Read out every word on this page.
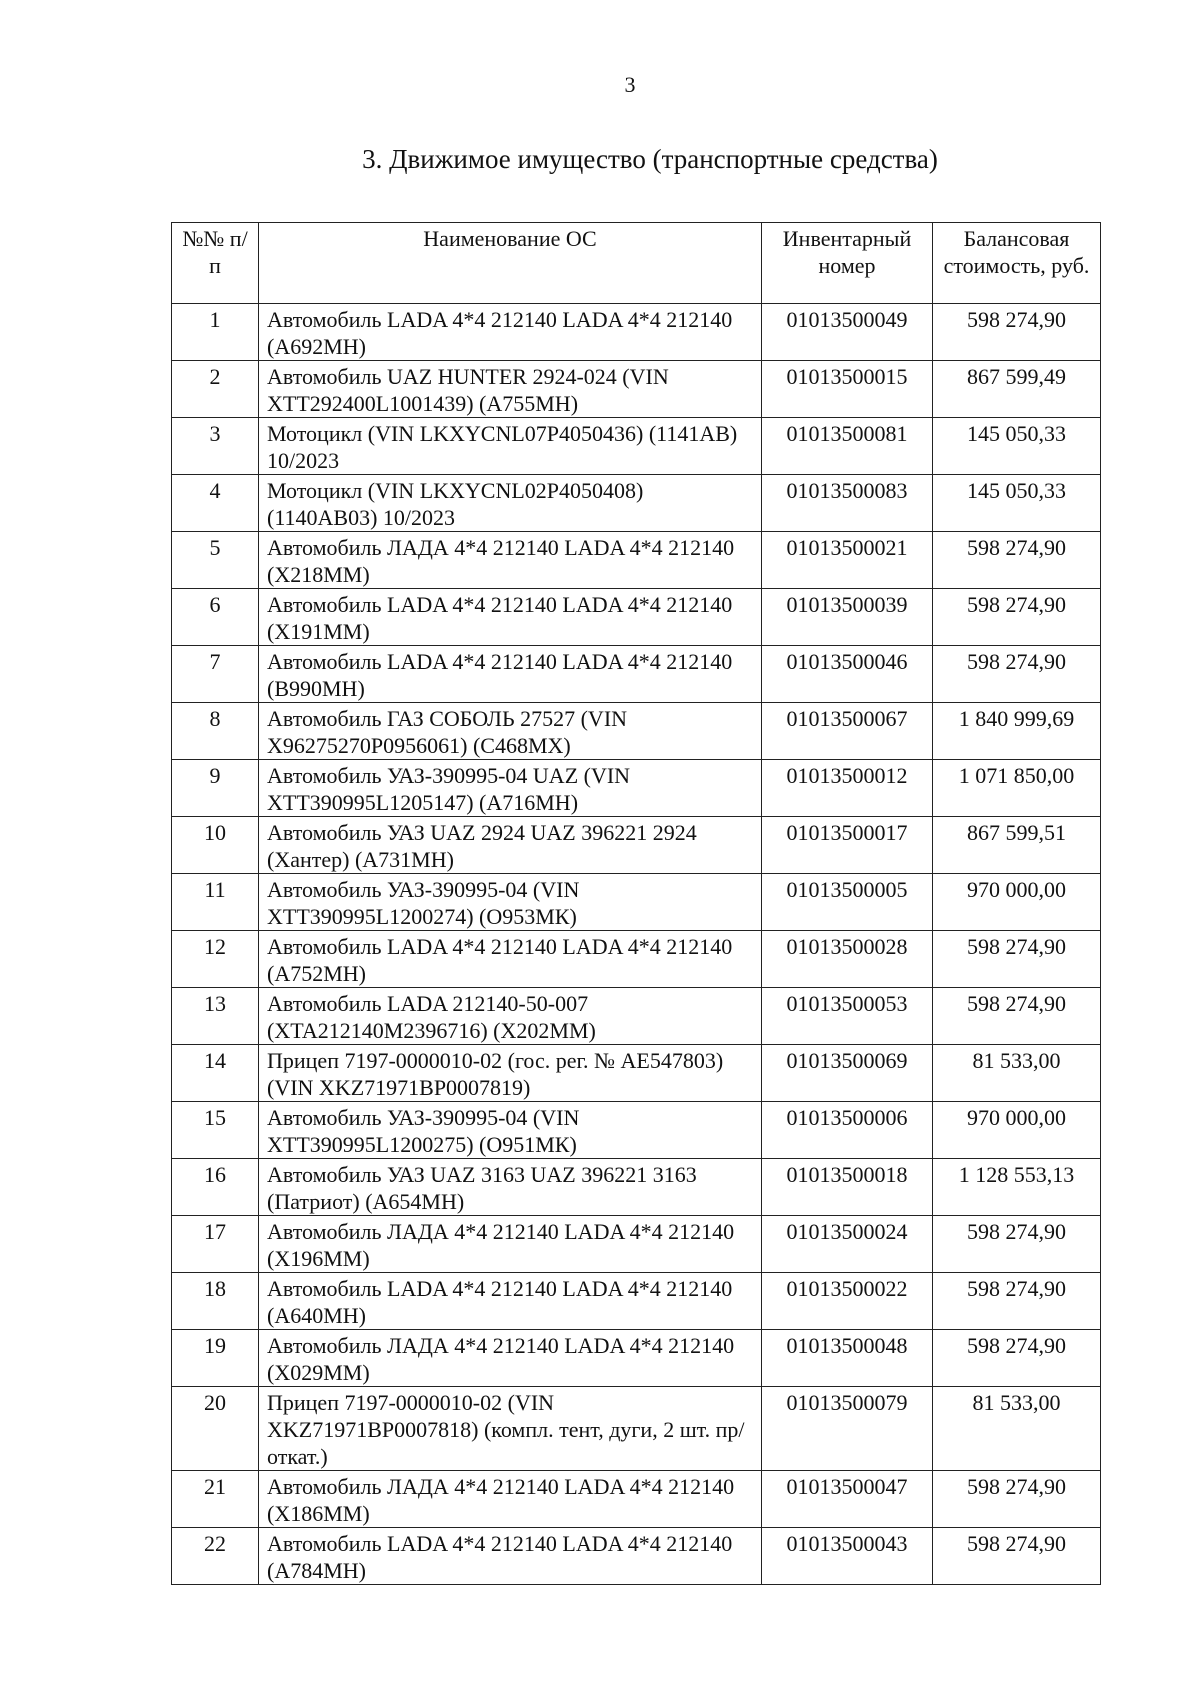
3
3. Движимое имущество (транспортные средства)
№№ п/п	Наименование ОС	Инвентарный номер	Балансовая стоимость, руб.
1	Автомобиль LADA 4*4 212140 LADA 4*4 212140 (А692МН)	01013500049	598 274,90
2	Автомобиль UAZ HUNTER 2924-024 (VIN XTT292400L1001439) (А755МН)	01013500015	867 599,49
3	Мотоцикл (VIN LKXYCNL07P4050436) (1141АВ) 10/2023	01013500081	145 050,33
4	Мотоцикл (VIN LKXYCNL02P4050408) (1140АВ03) 10/2023	01013500083	145 050,33
5	Автомобиль ЛАДА 4*4 212140 LADA 4*4 212140 (Х218ММ)	01013500021	598 274,90
6	Автомобиль LADA 4*4 212140 LADA 4*4 212140 (Х191ММ)	01013500039	598 274,90
7	Автомобиль LADA 4*4 212140 LADA 4*4 212140 (В990МН)	01013500046	598 274,90
8	Автомобиль ГАЗ СОБОЛЬ 27527 (VIN X96275270P0956061) (С468МХ)	01013500067	1 840 999,69
9	Автомобиль УАЗ-390995-04 UAZ (VIN XTT390995L1205147) (А716МН)	01013500012	1 071 850,00
10	Автомобиль УАЗ UAZ 2924 UAZ 396221 2924 (Хантер) (А731МН)	01013500017	867 599,51
11	Автомобиль УАЗ-390995-04 (VIN XTT390995L1200274) (О953МК)	01013500005	970 000,00
12	Автомобиль LADA 4*4 212140 LADA 4*4 212140 (А752МН)	01013500028	598 274,90
13	Автомобиль LADA 212140-50-007 (XTA212140M2396716) (Х202ММ)	01013500053	598 274,90
14	Прицеп 7197-0000010-02 (гос. рег. № АЕ547803) (VIN XKZ71971BP0007819)	01013500069	81 533,00
15	Автомобиль УАЗ-390995-04 (VIN XTT390995L1200275) (О951МК)	01013500006	970 000,00
16	Автомобиль УАЗ UAZ 3163 UAZ 396221 3163 (Патриот) (А654МН)	01013500018	1 128 553,13
17	Автомобиль ЛАДА 4*4 212140 LADA 4*4 212140 (Х196ММ)	01013500024	598 274,90
18	Автомобиль LADA 4*4 212140 LADA 4*4 212140 (А640МН)	01013500022	598 274,90
19	Автомобиль ЛАДА 4*4 212140 LADA 4*4 212140 (Х029ММ)	01013500048	598 274,90
20	Прицеп 7197-0000010-02 (VIN XKZ71971BP0007818) (компл. тент, дуги, 2 шт. пр/откат.)	01013500079	81 533,00
21	Автомобиль ЛАДА 4*4 212140 LADA 4*4 212140 (Х186ММ)	01013500047	598 274,90
22	Автомобиль LADA 4*4 212140 LADA 4*4 212140 (А784МН)	01013500043	598 274,90
